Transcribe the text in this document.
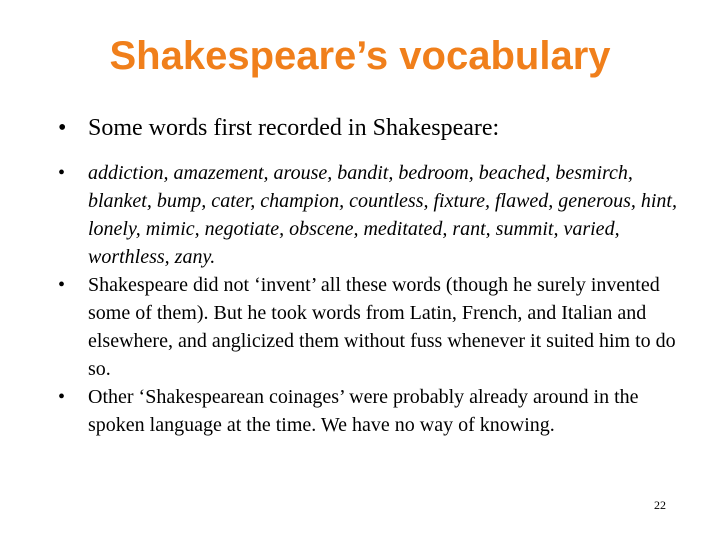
Shakespeare’s vocabulary
• Some words first recorded in Shakespeare:
• addiction, amazement, arouse, bandit, bedroom, beached, besmirch, blanket, bump, cater, champion, countless, fixture, flawed, generous, hint, lonely, mimic, negotiate, obscene, meditated, rant, summit, varied, worthless, zany.
• Shakespeare did not ‘invent’ all these words (though he surely invented some of them). But he took words from Latin, French, and Italian and elsewhere, and anglicized them without fuss whenever it suited him to do so.
• Other ‘Shakespearean coinages’ were probably already around in the spoken language at the time. We have no way of knowing.
22
